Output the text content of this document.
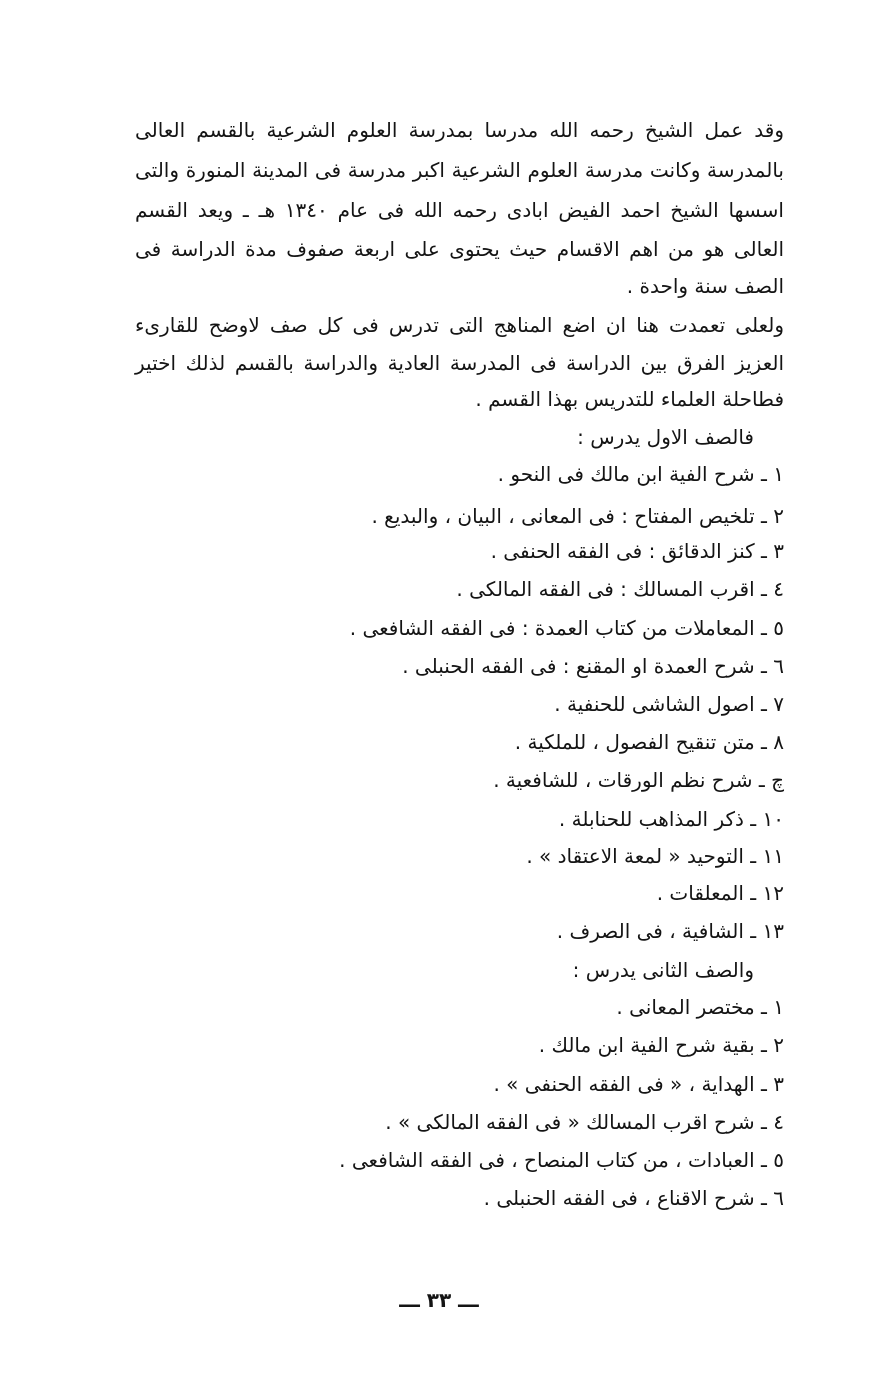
وقد عمل الشيخ رحمه الله مدرسا بمدرسة العلوم الشرعية بالقسم العالى
بالمدرسة وكانت مدرسة العلوم الشرعية اكبر مدرسة فى المدينة المنورة والتى
اسسها الشيخ احمد الفيض ابادى رحمه الله فى عام ١٣٤٠ هـ ـ ويعد القسم
العالى هو من اهم الاقسام حيث يحتوى على اربعة صفوف مدة الدراسة فى
الصف سنة واحدة .
ولعلى تعمدت هنا ان اضع المناهج التى تدرس فى كل صف لاوضح للقارىء
العزيز الفرق بين الدراسة فى المدرسة العادية والدراسة بالقسم لذلك اختير
فطاحلة العلماء للتدريس بهذا القسم .
فالصف الاول يدرس :
١ ـ شرح الفية ابن مالك فى النحو .
٢ ـ تلخيص المفتاح : فى المعانى ، البيان ، والبديع .
٣ ـ كنز الدقائق : فى الفقه الحنفى .
٤ ـ اقرب المسالك : فى الفقه المالكى .
٥ ـ المعاملات من كتاب العمدة : فى الفقه الشافعى .
٦ ـ شرح العمدة او المقنع : فى الفقه الحنبلى .
٧ ـ اصول الشاشى للحنفية .
٨ ـ متن تنقيح الفصول ، للملكية .
چ ـ شرح نظم الورقات ، للشافعية .
١٠ ـ ذكر المذاهب للحنابلة .
١١ ـ التوحيد « لمعة الاعتقاد » .
١٢ ـ المعلقات .
١٣ ـ الشافية ، فى الصرف .
والصف الثانى يدرس :
١ ـ مختصر المعانى .
٢ ـ بقية شرح الفية ابن مالك .
٣ ـ الهداية ، « فى الفقه الحنفى » .
٤ ـ شرح اقرب المسالك « فى الفقه المالكى » .
٥ ـ العبادات ، من كتاب المنصاح ، فى الفقه الشافعى .
٦ ـ شرح الاقناع ، فى الفقه الحنبلى .
ـــ ٣٣ ـــ
